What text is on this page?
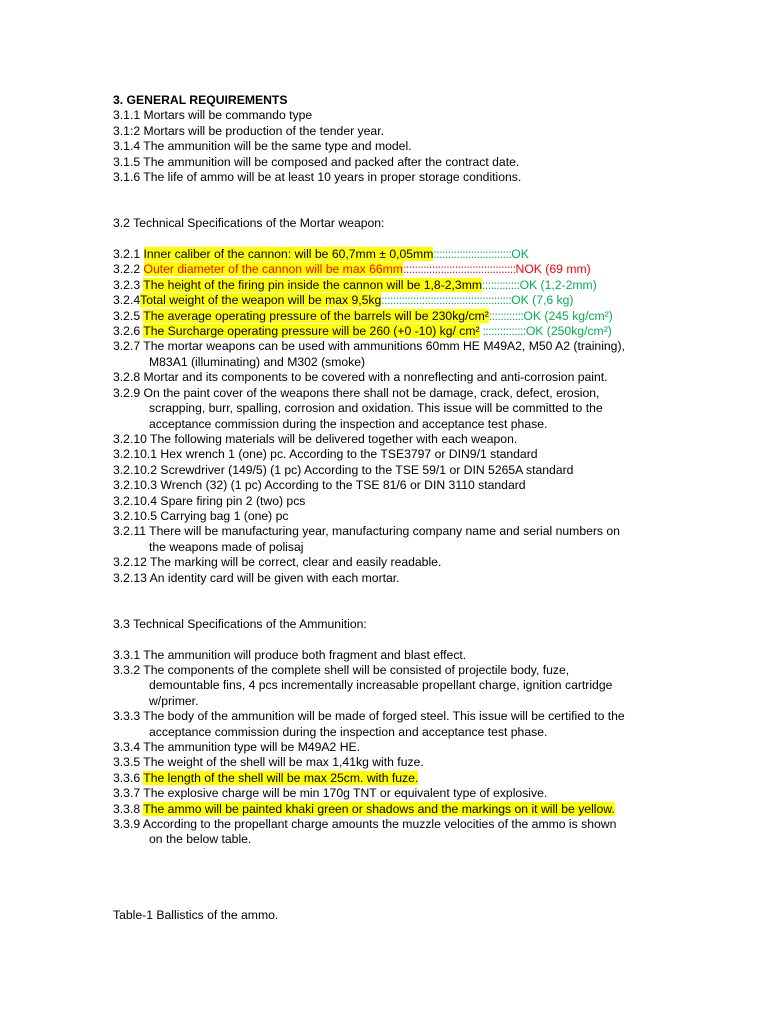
3. GENERAL REQUIREMENTS
3.1.1 Mortars will be commando type
3.1:2 Mortars will be production of the tender year.
3.1.4 The ammunition will be the same type and model.
3.1.5 The ammunition will be composed and packed after the contract date.
3.1.6 The life of ammo will be at least 10 years in proper storage conditions.
3.2 Technical Specifications of the Mortar weapon:
3.2.1 Inner caliber of the cannon: will be 60,7mm ± 0,05mm:::::::::::::::::::::::::::OK
3.2.2 Outer diameter of the cannon will be max 66mm:::::::::::::::::::::::::::::::::::::::NOK (69 mm)
3.2.3 The height of the firing pin inside the cannon will be 1,8-2,3mm:::::::::::::OK (1,2-2mm)
3.2.4Total weight of the weapon will be max 9,5kg:::::::::::::::::::::::::::::::::::::::::::::OK (7,6 kg)
3.2.5 The average operating pressure of the barrels will be 230kg/cm²::::::::::::OK (245 kg/cm²)
3.2.6 The Surcharge operating pressure will be 260 (+0 -10) kg/ cm² :::::::::::::::OK (250kg/cm²)
3.2.7 The mortar weapons can be used with ammunitions 60mm HE M49A2, M50 A2 (training),
M83A1 (illuminating) and M302 (smoke)
3.2.8 Mortar and its components to be covered with a nonreflecting and anti-corrosion paint.
3.2.9 On the paint cover of the weapons there shall not be damage, crack, defect, erosion,
scrapping, burr, spalling, corrosion and oxidation. This issue will be committed to the
acceptance commission during the inspection and acceptance test phase.
3.2.10 The following materials will be delivered together with each weapon.
3.2.10.1 Hex wrench 1 (one) pc. According to the TSE3797 or DIN9/1 standard
3.2.10.2 Screwdriver (149/5) (1 pc) According to the TSE 59/1 or DIN 5265A standard
3.2.10.3 Wrench (32) (1 pc) According to the TSE 81/6 or DIN 3110 standard
3.2.10.4 Spare firing pin 2 (two) pcs
3.2.10.5 Carrying bag 1 (one) pc
3.2.11 There will be manufacturing year, manufacturing company name and serial numbers on
the weapons made of polisaj
3.2.12 The marking will be correct, clear and easily readable.
3.2.13 An identity card will be given with each mortar.
3.3 Technical Specifications of the Ammunition:
3.3.1 The ammunition will produce both fragment and blast effect.
3.3.2 The components of the complete shell will be consisted of projectile body, fuze,
demountable fins, 4 pcs incrementally increasable propellant charge, ignition cartridge
w/primer.
3.3.3 The body of the ammunition will be made of forged steel. This issue will be certified to the
acceptance commission during the inspection and acceptance test phase.
3.3.4 The ammunition type will be M49A2 HE.
3.3.5 The weight of the shell will be max 1,41kg with fuze.
3.3.6 The length of the shell will be max 25cm. with fuze.
3.3.7 The explosive charge will be min 170g TNT or equivalent type of explosive.
3.3.8 The ammo will be painted khaki green or shadows and the markings on it will be yellow.
3.3.9 According to the propellant charge amounts the muzzle velocities of the ammo is shown
on the below table.
Table-1 Ballistics of the ammo.
